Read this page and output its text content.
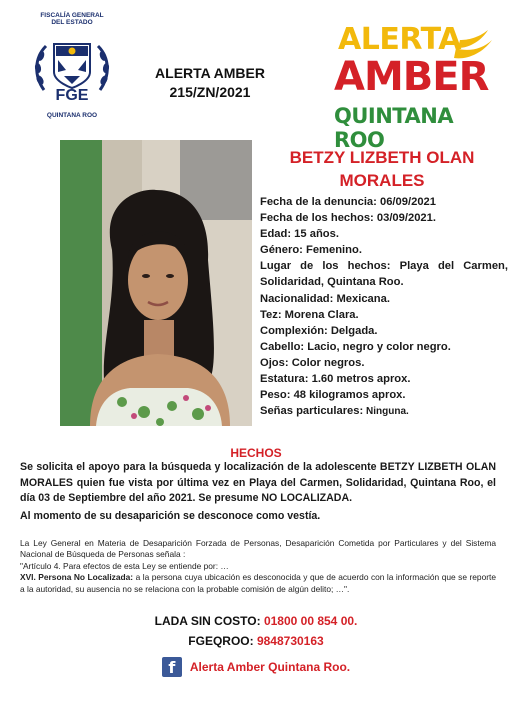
FISCALÍA GENERAL
DEL ESTADO
FGE
QUINTANA ROO
ALERTA AMBER
215/ZN/2021
ALERTA
AMBER
QUINTANA ROO
BETZY LIZBETH OLAN
MORALES
Fecha de la denuncia: 06/09/2021
Fecha de los hechos: 03/09/2021.
Edad: 15 años.
Género: Femenino.
Lugar de los hechos: Playa del Carmen, Solidaridad, Quintana Roo.
Nacionalidad: Mexicana.
Tez: Morena Clara.
Complexión: Delgada.
Cabello: Lacio, negro y color negro.
Ojos: Color negros.
Estatura: 1.60 metros aprox.
Peso: 48 kilogramos aprox.
Señas particulares: Ninguna.
HECHOS
Se solicita el apoyo para la búsqueda y localización de la adolescente BETZY LIZBETH OLAN MORALES quien fue vista por última vez en Playa del Carmen, Solidaridad, Quintana Roo, el día 03 de Septiembre del año 2021. Se presume NO LOCALIZADA.
Al momento de su desaparición se desconoce como vestía.

La Ley General en Materia de Desaparición Forzada de Personas, Desaparición Cometida por Particulares y del Sistema Nacional de Búsqueda de Personas señala :

"Artículo 4. Para efectos de esta Ley se entiende por: …

XVI. Persona No Localizada: a la persona cuya ubicación es desconocida y que de acuerdo con la información que se reporte a la autoridad, su ausencia no se relaciona con la probable comisión de algún delito; …".

LADA SIN COSTO: 01800 00 854 00.
FGEQROO: 9848730163
f	Alerta Amber Quintana Roo.
